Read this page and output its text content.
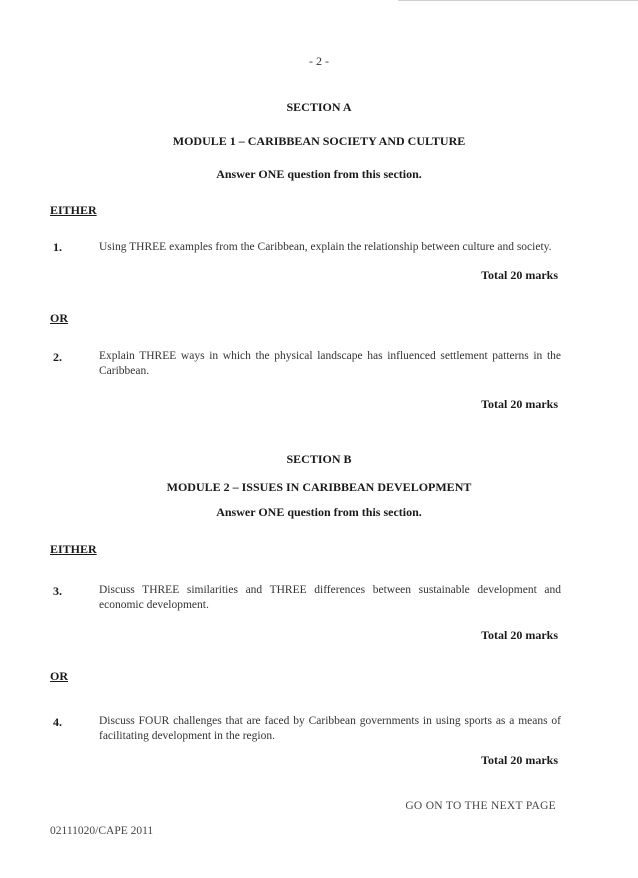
- 2 -
SECTION A
MODULE 1 – CARIBBEAN SOCIETY AND CULTURE
Answer ONE question from this section.
EITHER
1.	Using THREE examples from the Caribbean, explain the relationship between culture and society.
Total 20 marks
OR
2.	Explain THREE ways in which the physical landscape has influenced settlement patterns in the Caribbean.
Total 20 marks
SECTION B
MODULE 2 – ISSUES IN CARIBBEAN DEVELOPMENT
Answer ONE question from this section.
EITHER
3.	Discuss THREE similarities and THREE differences between sustainable development and economic development.
Total 20 marks
OR
4.	Discuss FOUR challenges that are faced by Caribbean governments in using sports as a means of facilitating development in the region.
Total 20 marks
GO ON TO THE NEXT PAGE
02111020/CAPE 2011
